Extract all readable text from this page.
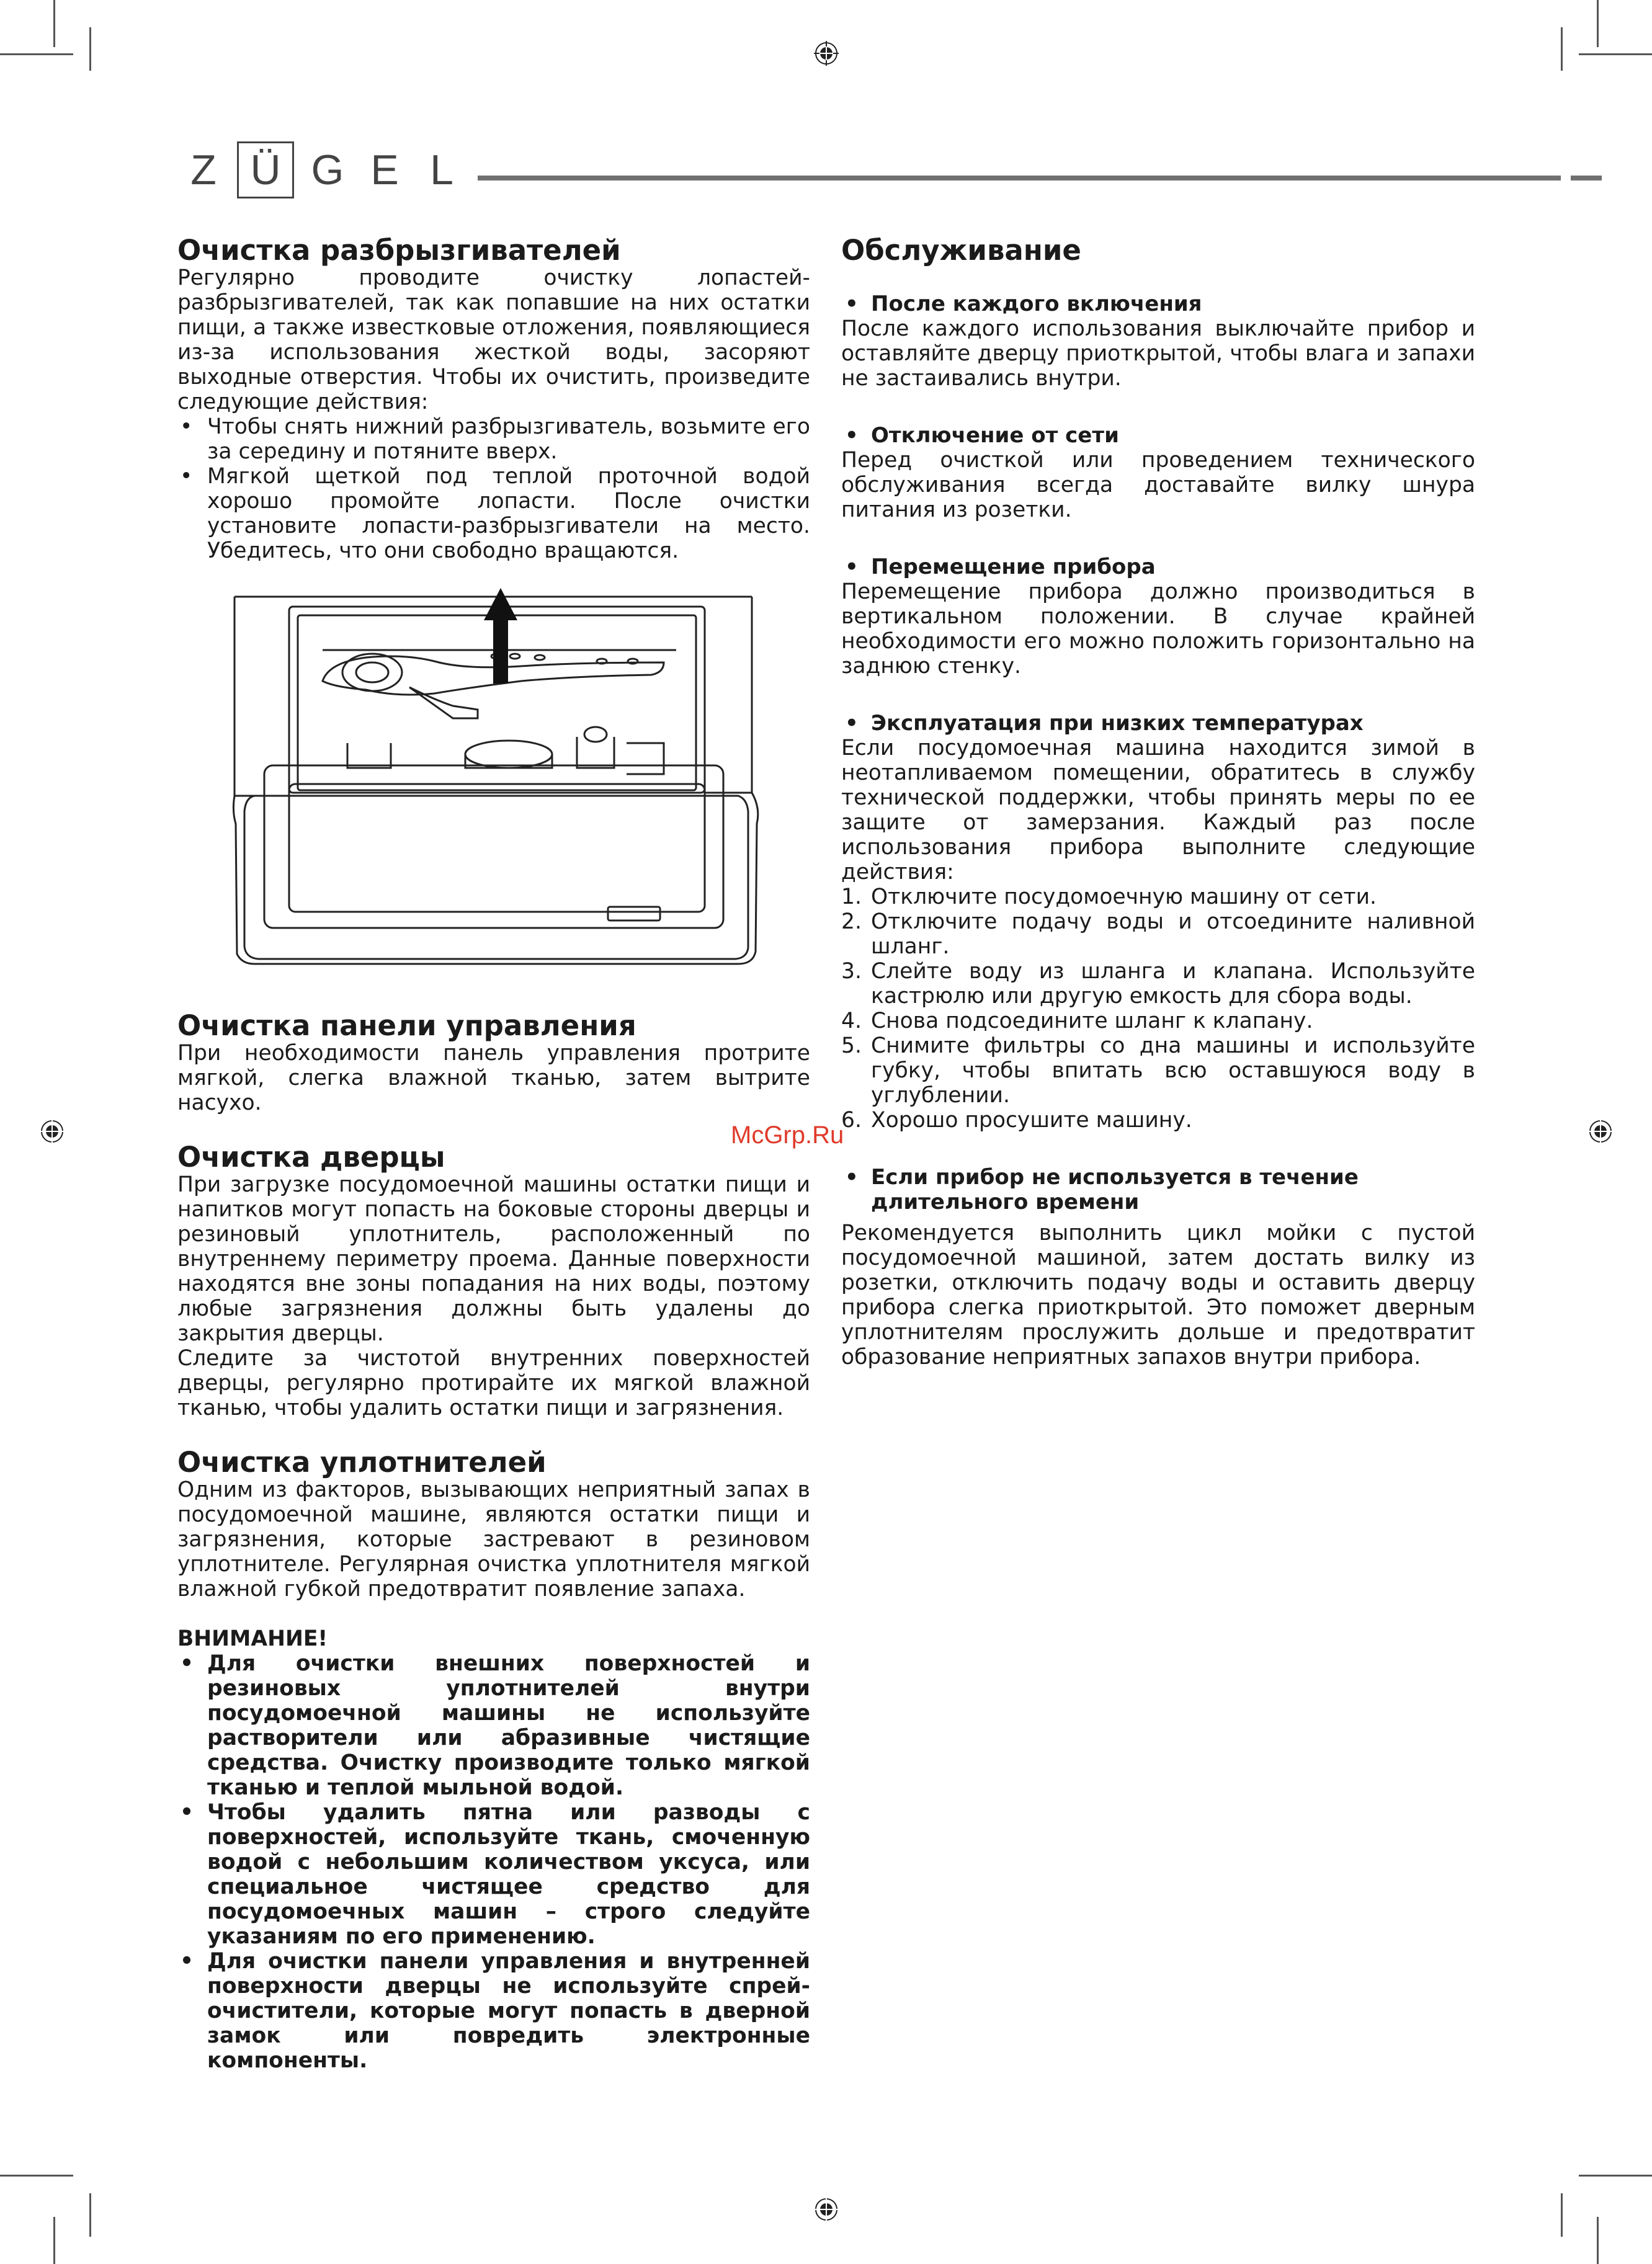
Z Ü G E L
Очистка разбрызгивателей

Регулярно проводите очистку лопастей-разбрызгивателей, так как попавшие на них остатки пищи, а также известковые отложения, появляющиеся из-за использования жесткой воды, засоряют выходные отверстия. Чтобы их очистить, произведите следующие действия:

• Чтобы снять нижний разбрызгиватель, возьмите его за середину и потяните вверх.
• Мягкой щеткой под теплой проточной водой хорошо промойте лопасти. После очистки установите лопасти-разбрызгиватели на место. Убедитесь, что они свободно вращаются.
Очистка панели управления

При необходимости панель управления протрите мягкой, слегка влажной тканью, затем вытрите насухо.

Очистка дверцы

При загрузке посудомоечной машины остатки пищи и напитков могут попасть на боковые стороны дверцы и резиновый уплотнитель, расположенный по внутреннему периметру проема. Данные поверхности находятся вне зоны попадания на них воды, поэтому любые загрязнения должны быть удалены до закрытия дверцы.

Следите за чистотой внутренних поверхностей дверцы, регулярно протирайте их мягкой влажной тканью, чтобы удалить остатки пищи и загрязнения.

Очистка уплотнителей

Одним из факторов, вызывающих неприятный запах в посудомоечной машине, являются остатки пищи и загрязнения, которые застревают в резиновом уплотнителе. Регулярная очистка уплотнителя мягкой влажной губкой предотвратит появление запаха.

ВНИМАНИЕ!

• Для очистки внешних поверхностей и резиновых уплотнителей внутри посудомоечной машины не используйте растворители или абразивные чистящие средства. Очистку производите только мягкой тканью и теплой мыльной водой.
• Чтобы удалить пятна или разводы с поверхностей, используйте ткань, смоченную водой с небольшим количеством уксуса, или специальное чистящее средство для посудомоечных машин – строго следуйте указаниям по его применению.
• Для очистки панели управления и внутренней поверхности дверцы не используйте спрей-очистители, которые могут попасть в дверной замок или повредить электронные компоненты.
Обслуживание
• После каждого включения

После каждого использования выключайте прибор и оставляйте дверцу приоткрытой, чтобы влага и запахи не застаивались внутри.

• Отключение от сети

Перед очисткой или проведением технического обслуживания всегда доставайте вилку шнура питания из розетки.

• Перемещение прибора

Перемещение прибора должно производиться в вертикальном положении. В случае крайней необходимости его можно положить горизонтально на заднюю стенку.

• Эксплуатация при низких температурах

Если посудомоечная машина находится зимой в неотапливаемом помещении, обратитесь в службу технической поддержки, чтобы принять меры по ее защите от замерзания. Каждый раз после использования прибора выполните следующие действия:

1. Отключите посудомоечную машину от сети.
2. Отключите подачу воды и отсоедините наливной шланг.
3. Слейте воду из шланга и клапана. Используйте кастрюлю или другую емкость для сбора воды.
4. Снова подсоедините шланг к клапану.
5. Снимите фильтры со дна машины и используйте губку, чтобы впитать всю оставшуюся воду в углублении.
6. Хорошо просушите машину.
• Если прибор не используется в течение длительного времени

Рекомендуется выполнить цикл мойки с пустой посудомоечной машиной, затем достать вилку из розетки, отключить подачу воды и оставить дверцу прибора слегка приоткрытой. Это поможет дверным уплотнителям прослужить дольше и предотвратит образование неприятных запахов внутри прибора.

McGrp.Ru
